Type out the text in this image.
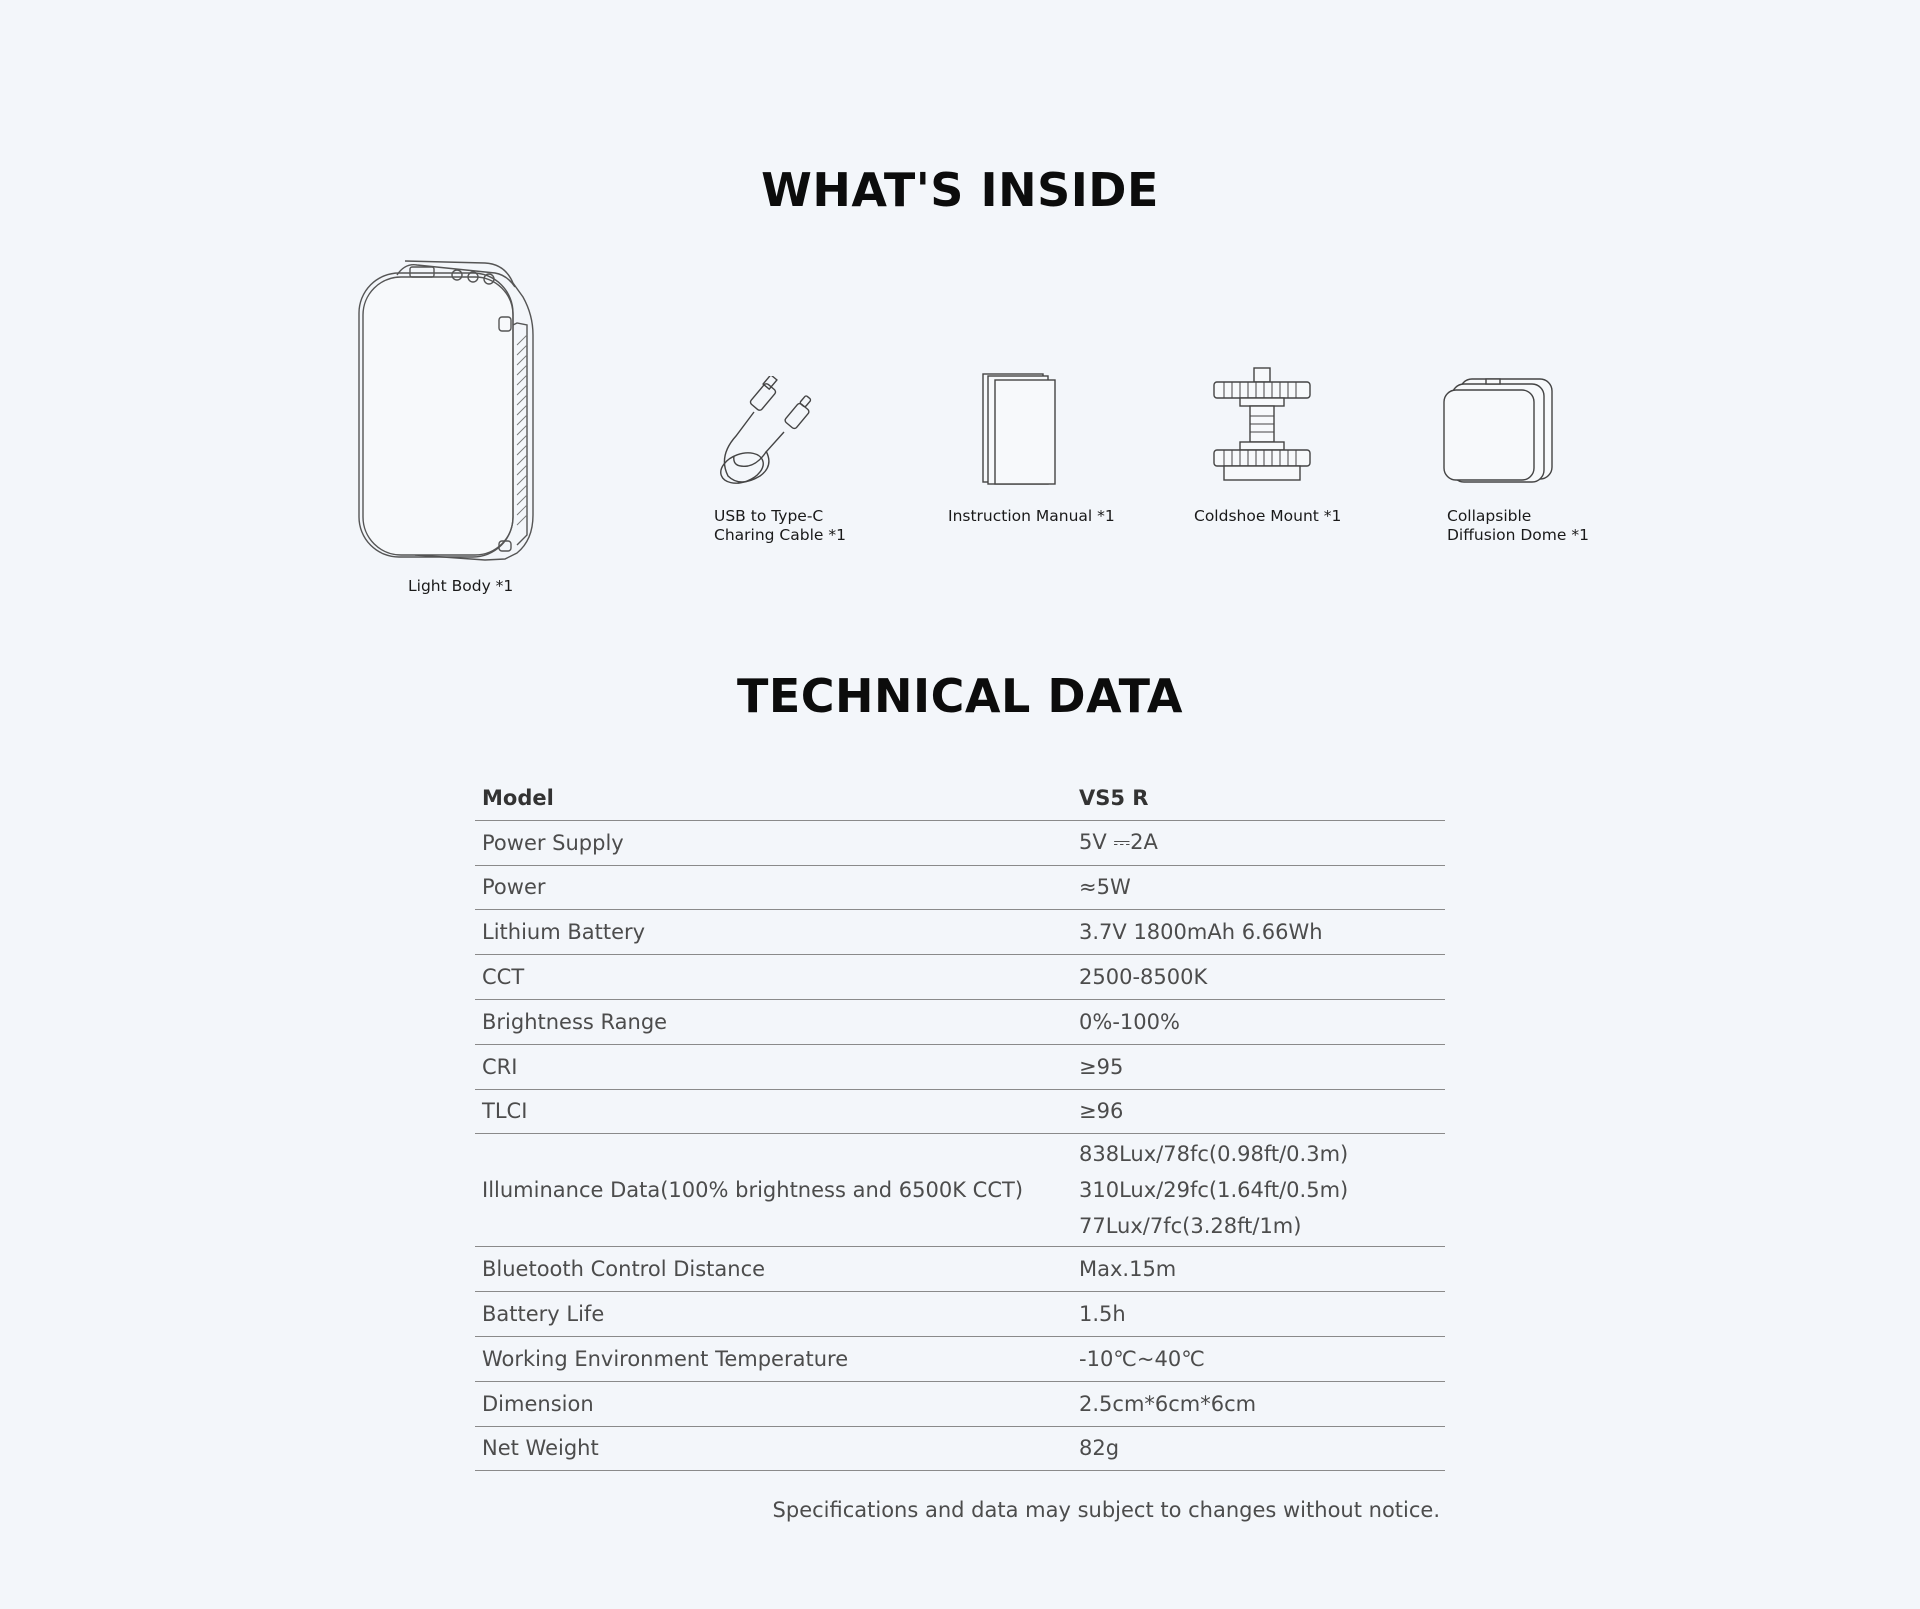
WHAT'S INSIDE
Light Body *1
USB to Type-C
Charing Cable *1
Instruction Manual *1	Coldshoe Mount *1	Collapsible
Diffusion Dome *1
TECHNICAL DATA
Model	VS5 R
Power Supply	5V ⎓2A
Power	≈5W
Lithium Battery	3.7V 1800mAh 6.66Wh
CCT	2500-8500K
Brightness Range	0%-100%
CRI	≥95
TLCI	≥96
Illuminance Data(100% brightness and 6500K CCT)	838Lux/78fc(0.98ft/0.3m)
310Lux/29fc(1.64ft/0.5m)
77Lux/7fc(3.28ft/1m)

Bluetooth Control Distance	Max.15m
Battery Life	1.5h
Working Environment Temperature	-10℃~40℃
Dimension	2.5cm*6cm*6cm
Net Weight	82g
Specifications and data may subject to changes without notice.
